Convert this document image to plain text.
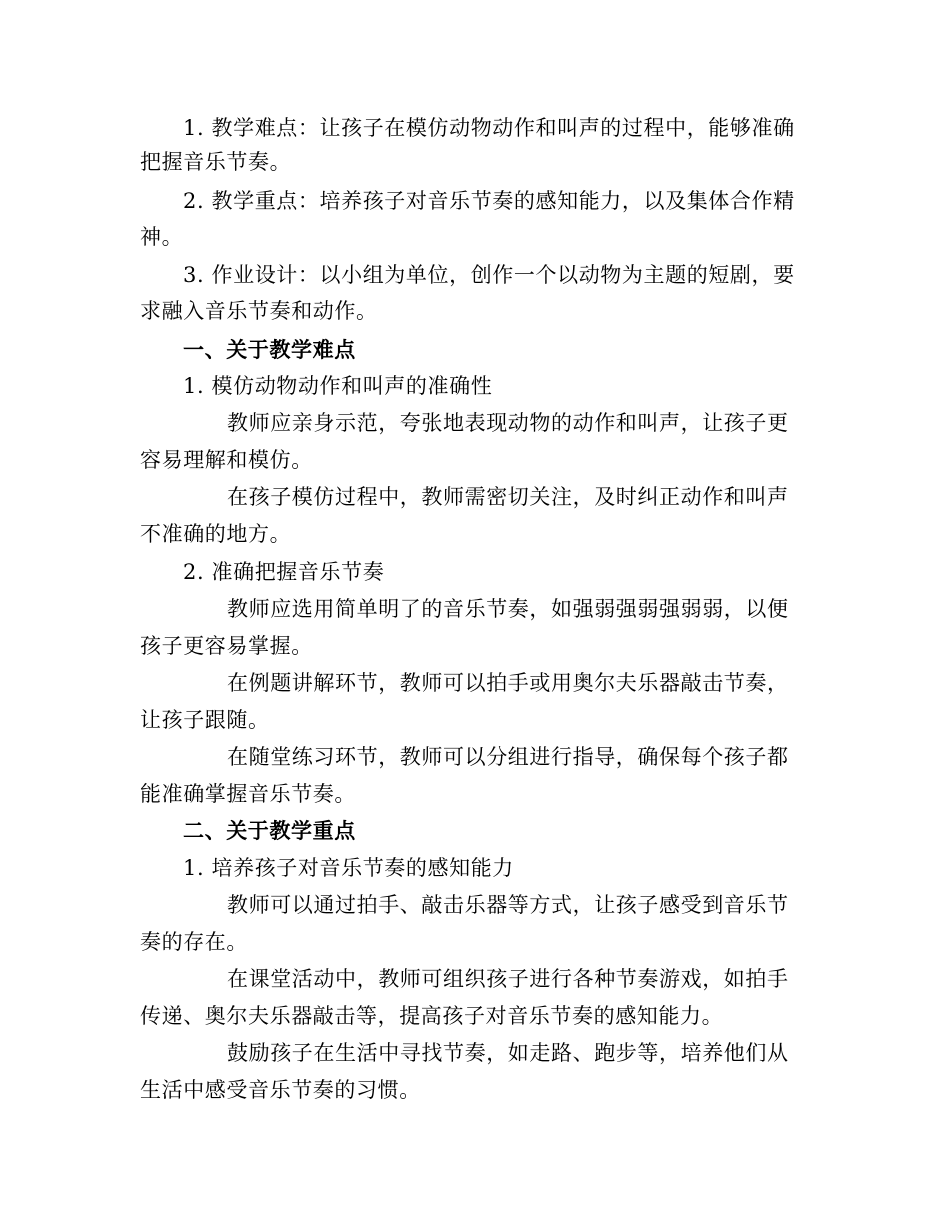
1. 教学难点：让孩子在模仿动物动作和叫声的过程中，能够准确
把握音乐节奏。
2. 教学重点：培养孩子对音乐节奏的感知能力，以及集体合作精
神。
3. 作业设计：以小组为单位，创作一个以动物为主题的短剧，要
求融入音乐节奏和动作。
一、关于教学难点
1. 模仿动物动作和叫声的准确性
教师应亲身示范，夸张地表现动物的动作和叫声，让孩子更
容易理解和模仿。
在孩子模仿过程中，教师需密切关注，及时纠正动作和叫声
不准确的地方。
2. 准确把握音乐节奏
教师应选用简单明了的音乐节奏，如强弱强弱强弱弱，以便
孩子更容易掌握。
在例题讲解环节，教师可以拍手或用奥尔夫乐器敲击节奏，
让孩子跟随。
在随堂练习环节，教师可以分组进行指导，确保每个孩子都
能准确掌握音乐节奏。
二、关于教学重点
1. 培养孩子对音乐节奏的感知能力
教师可以通过拍手、敲击乐器等方式，让孩子感受到音乐节
奏的存在。
在课堂活动中，教师可组织孩子进行各种节奏游戏，如拍手
传递、奥尔夫乐器敲击等，提高孩子对音乐节奏的感知能力。
鼓励孩子在生活中寻找节奏，如走路、跑步等，培养他们从
生活中感受音乐节奏的习惯。
